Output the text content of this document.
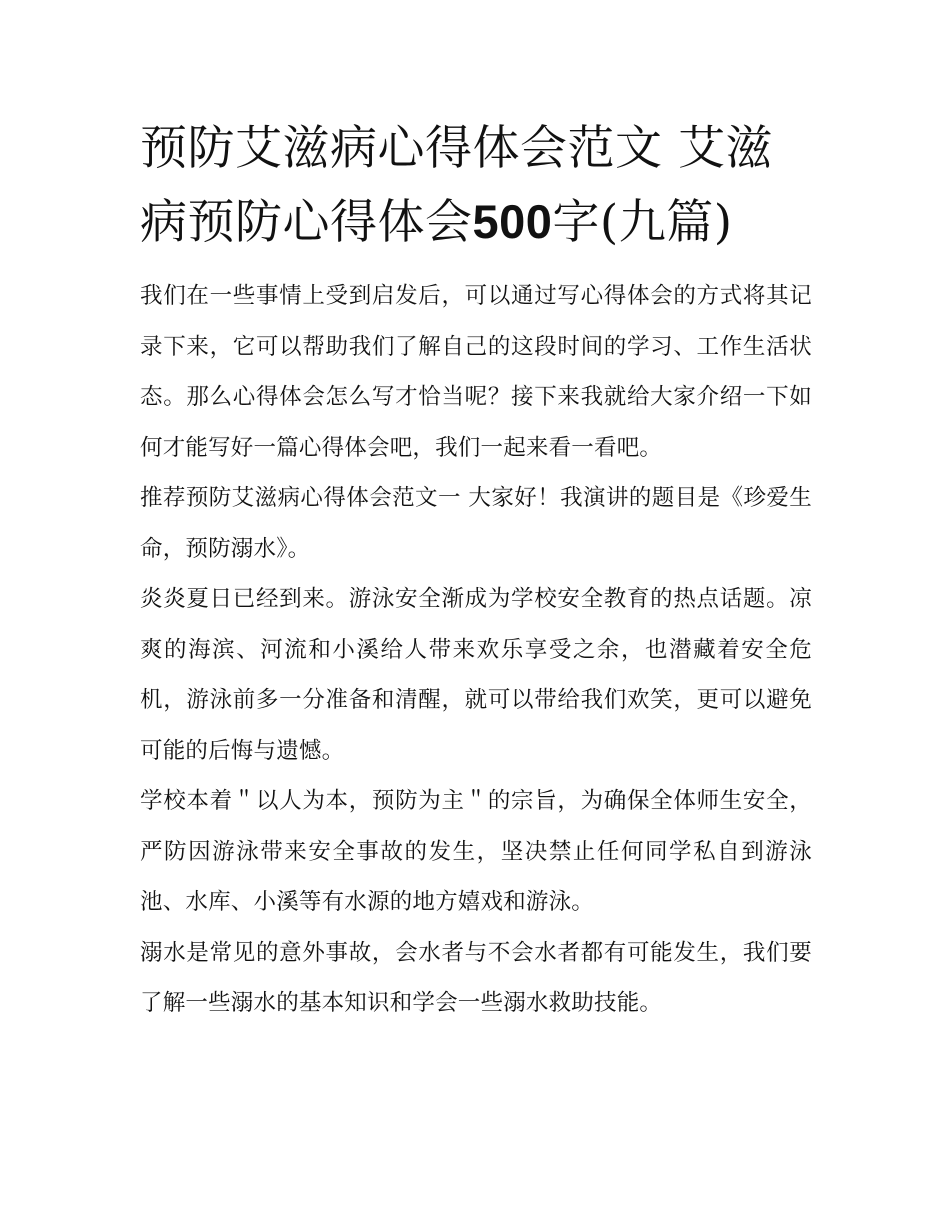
预防艾滋病心得体会范文 艾滋病预防心得体会500字(九篇)

我们在一些事情上受到启发后，可以通过写心得体会的方式将其记录下来，它可以帮助我们了解自己的这段时间的学习、工作生活状态。那么心得体会怎么写才恰当呢？接下来我就给大家介绍一下如何才能写好一篇心得体会吧，我们一起来看一看吧。

推荐预防艾滋病心得体会范文一 大家好！我演讲的题目是《珍爱生命，预防溺水》。

炎炎夏日已经到来。游泳安全渐成为学校安全教育的热点话题。凉爽的海滨、河流和小溪给人带来欢乐享受之余，也潜藏着安全危机，游泳前多一分准备和清醒，就可以带给我们欢笑，更可以避免可能的后悔与遗憾。

学校本着＂以人为本，预防为主＂的宗旨，为确保全体师生安全，严防因游泳带来安全事故的发生，坚决禁止任何同学私自到游泳池、水库、小溪等有水源的地方嬉戏和游泳。

溺水是常见的意外事故，会水者与不会水者都有可能发生，我们要了解一些溺水的基本知识和学会一些溺水救助技能。
